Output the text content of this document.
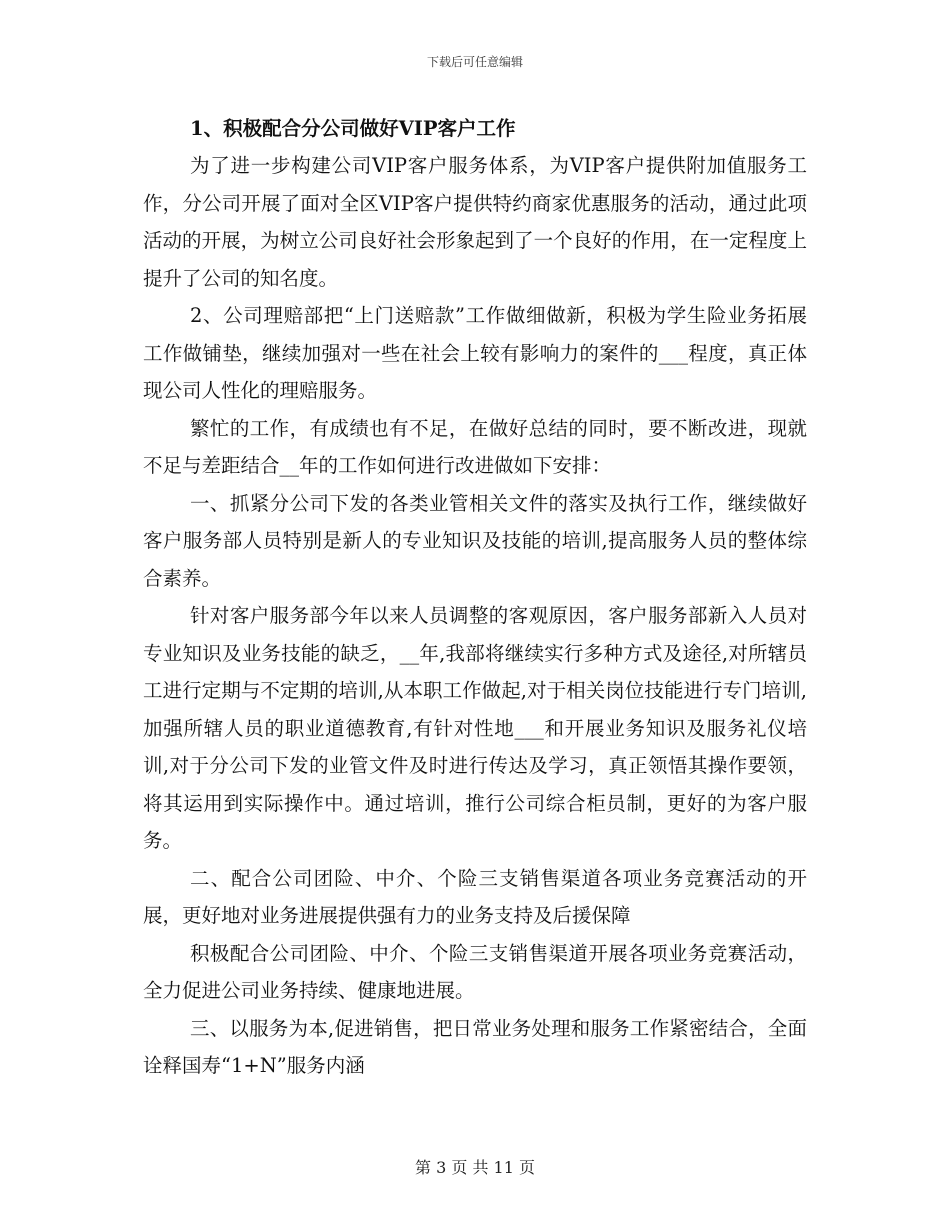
下载后可任意编辑

1、积极配合分公司做好VIP客户工作

为了进一步构建公司VIP客户服务体系，为VIP客户提供附加值服务工作，分公司开展了面对全区VIP客户提供特约商家优惠服务的活动，通过此项活动的开展，为树立公司良好社会形象起到了一个良好的作用，在一定程度上提升了公司的知名度。

2、公司理赔部把“上门送赔款”工作做细做新，积极为学生险业务拓展工作做铺垫，继续加强对一些在社会上较有影响力的案件的___程度，真正体现公司人性化的理赔服务。

繁忙的工作，有成绩也有不足，在做好总结的同时，要不断改进，现就不足与差距结合__年的工作如何进行改进做如下安排：

一、抓紧分公司下发的各类业管相关文件的落实及执行工作，继续做好客户服务部人员特别是新人的专业知识及技能的培训,提高服务人员的整体综合素养。

针对客户服务部今年以来人员调整的客观原因，客户服务部新入人员对专业知识及业务技能的缺乏，__年,我部将继续实行多种方式及途径,对所辖员工进行定期与不定期的培训,从本职工作做起,对于相关岗位技能进行专门培训,加强所辖人员的职业道德教育,有针对性地___和开展业务知识及服务礼仪培训,对于分公司下发的业管文件及时进行传达及学习，真正领悟其操作要领，将其运用到实际操作中。通过培训，推行公司综合柜员制，更好的为客户服务。

二、配合公司团险、中介、个险三支销售渠道各项业务竞赛活动的开展，更好地对业务进展提供强有力的业务支持及后援保障

积极配合公司团险、中介、个险三支销售渠道开展各项业务竞赛活动，全力促进公司业务持续、健康地进展。

三、以服务为本,促进销售，把日常业务处理和服务工作紧密结合，全面诠释国寿“1+N”服务内涵

第 3 页 共 11 页
